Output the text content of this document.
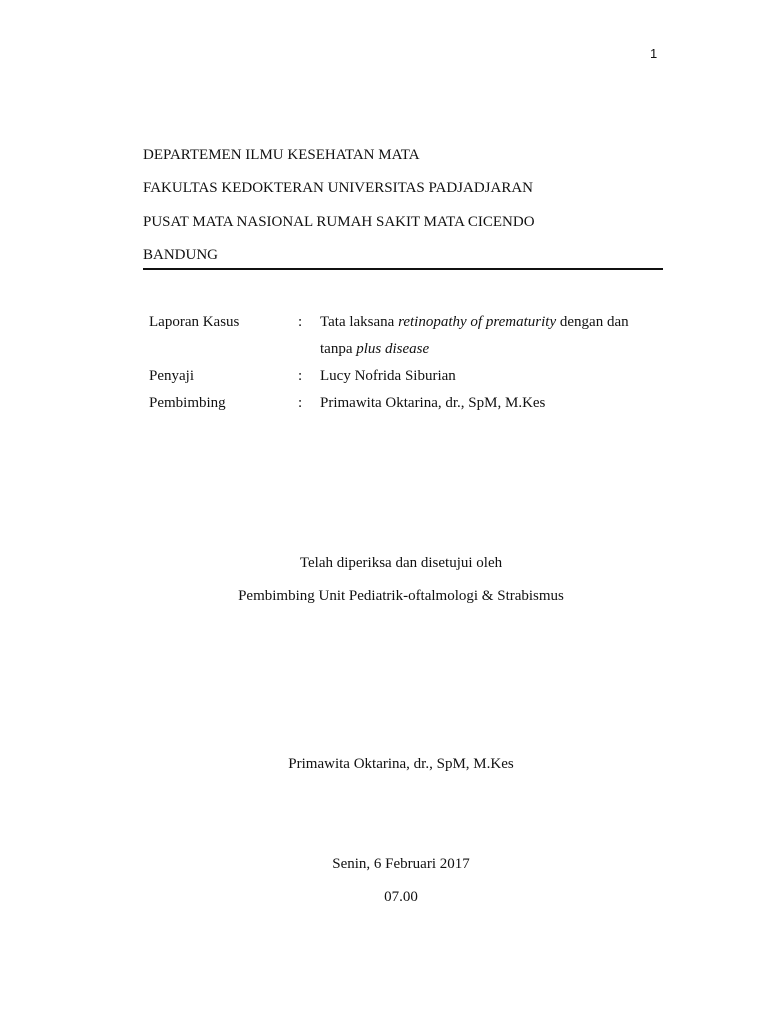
1
DEPARTEMEN ILMU KESEHATAN MATA
FAKULTAS KEDOKTERAN UNIVERSITAS PADJADJARAN
PUSAT MATA NASIONAL RUMAH SAKIT MATA CICENDO
BANDUNG
Laporan Kasus	: Tata laksana retinopathy of prematurity dengan dan
tanpa plus disease
Penyaji	: Lucy Nofrida Siburian
Pembimbing	: Primawita Oktarina, dr., SpM, M.Kes
Telah diperiksa dan disetujui oleh
Pembimbing Unit Pediatrik-oftalmologi & Strabismus
Primawita Oktarina, dr., SpM, M.Kes
Senin, 6 Februari 2017
07.00
